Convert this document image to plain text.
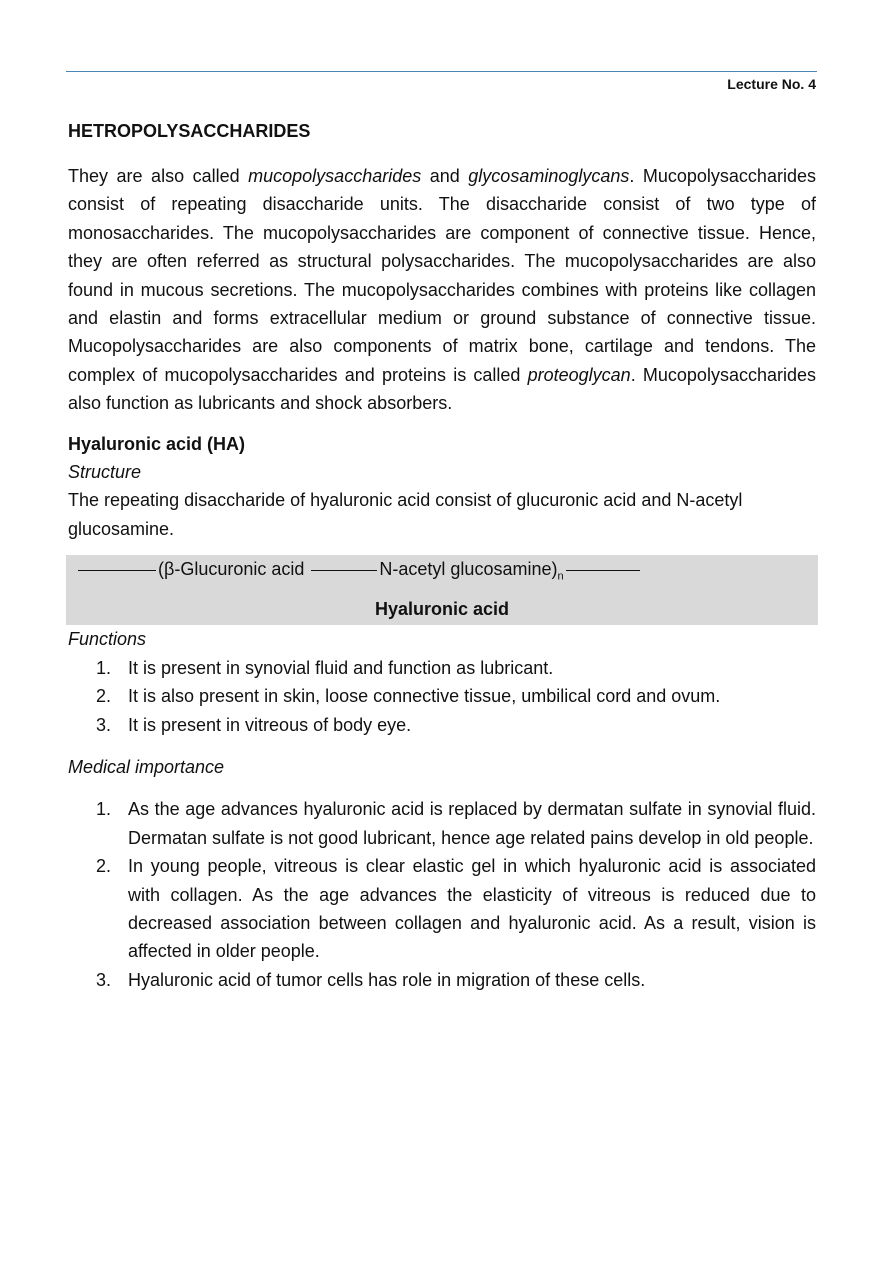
Lecture No. 4
HETROPOLYSACCHARIDES

They are also called mucopolysaccharides and glycosaminoglycans. Mucopolysaccharides consist of repeating disaccharide units. The disaccharide consist of two type of monosaccharides. The mucopolysaccharides are component of connective tissue. Hence, they are often referred as structural polysaccharides. The mucopolysaccharides are also found in mucous secretions. The mucopolysaccharides combines with proteins like collagen and elastin and forms extracellular medium or ground substance of connective tissue. Mucopolysaccharides are also components of matrix bone, cartilage and tendons. The complex of mucopolysaccharides and proteins is called proteoglycan. Mucopolysaccharides also function as lubricants and shock absorbers.

Hyaluronic acid (HA)

Structure

The repeating disaccharide of hyaluronic acid consist of glucuronic acid and N-acetyl glucosamine.

(β-Glucuronic acid	N-acetyl $glucosamine)_n$
Hyaluronic acid

Functions

1. It is present in synovial fluid and function as lubricant.
2. It is also present in skin, loose connective tissue, umbilical cord and ovum.
3. It is present in vitreous of body eye.

Medical importance

1. As the age advances hyaluronic acid is replaced by dermatan sulfate in synovial fluid. Dermatan sulfate is not good lubricant, hence age related pains develop in old people.
2. In young people, vitreous is clear elastic gel in which hyaluronic acid is associated with collagen. As the age advances the elasticity of vitreous is reduced due to decreased association between collagen and hyaluronic acid. As a result, vision is affected in older people.
3. Hyaluronic acid of tumor cells has role in migration of these cells.
